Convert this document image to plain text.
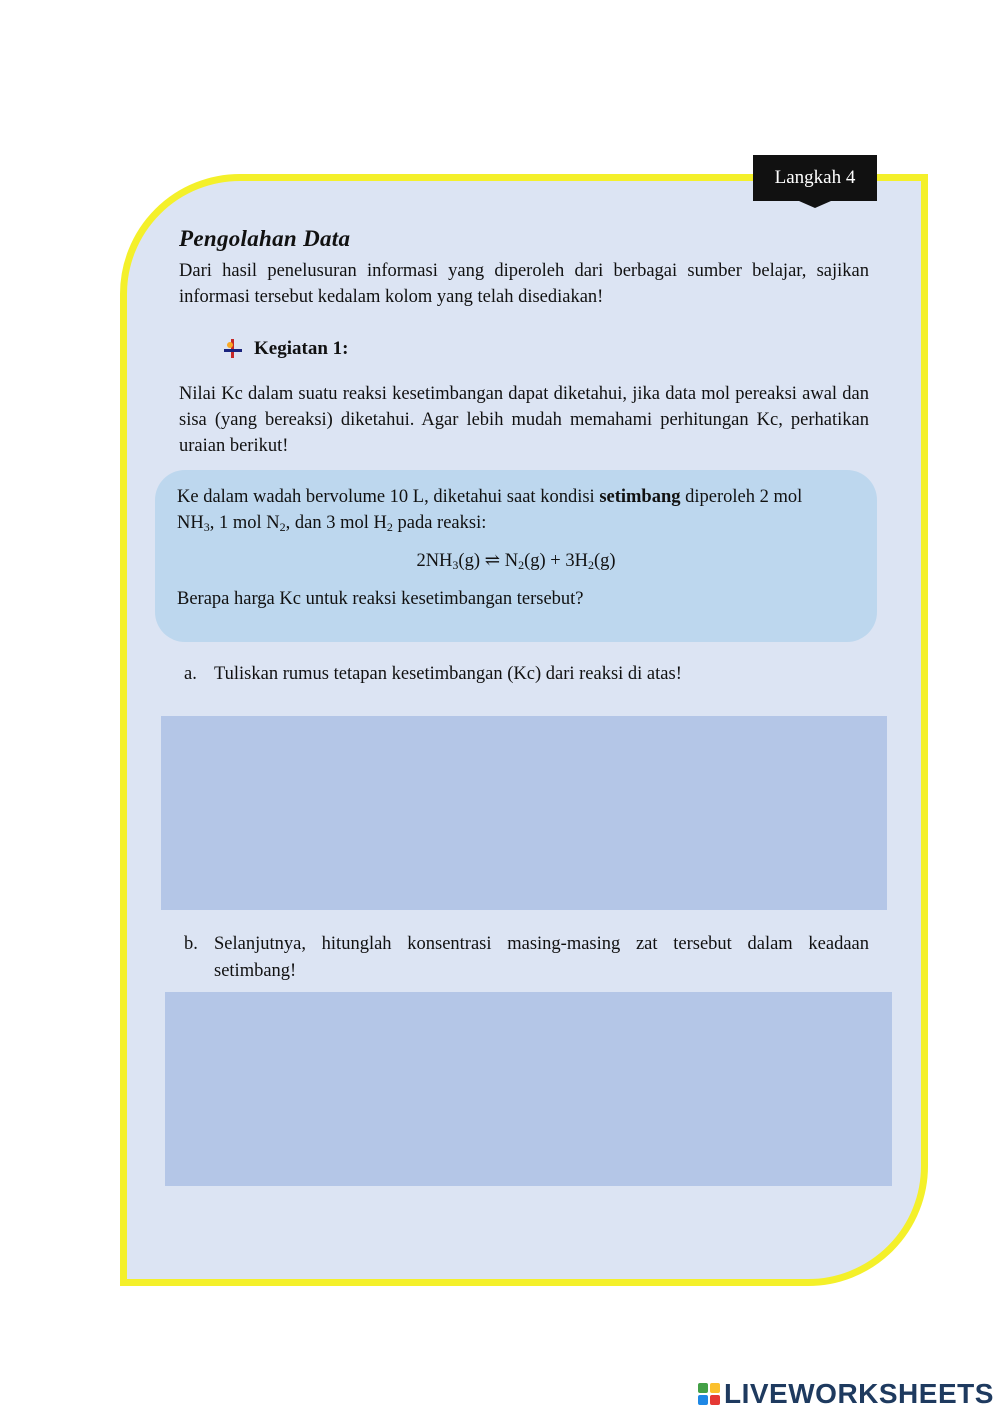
Langkah 4
Pengolahan Data
Dari hasil penelusuran informasi yang diperoleh dari berbagai sumber belajar, sajikan informasi tersebut kedalam kolom yang telah disediakan!
Kegiatan 1:
Nilai Kc dalam suatu reaksi kesetimbangan dapat diketahui, jika data mol pereaksi awal dan sisa (yang bereaksi) diketahui. Agar lebih mudah memahami perhitungan Kc, perhatikan uraian berikut!
Ke dalam wadah bervolume 10 L, diketahui saat kondisi setimbang diperoleh 2 mol
$NH_3$, 1 mol $N_2$, dan 3 mol $H_2$ pada reaksi:
$2NH_3(g)$ ⇌ $N_2(g) + 3H_2(g)$
Berapa harga Kc untuk reaksi kesetimbangan tersebut?
a. Tuliskan rumus tetapan kesetimbangan (Kc) dari reaksi di atas!
b. Selanjutnya, hitunglah konsentrasi masing-masing zat tersebut dalam keadaan setimbang!
LIVEWORKSHEETS
